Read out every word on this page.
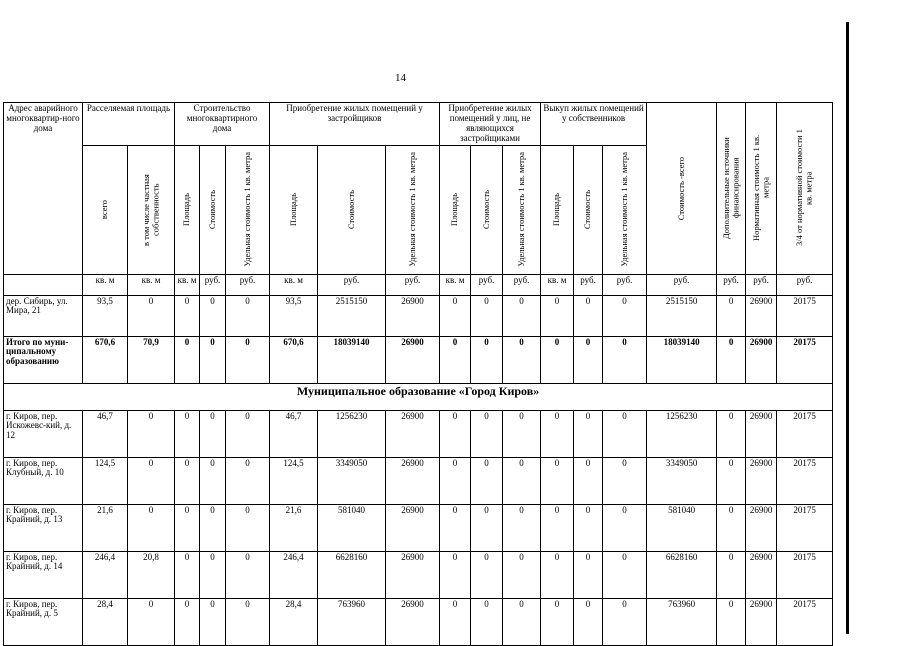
14
Адрес аварийного многоквартир-ного дома	Расселяемая площадь		Строительство многоквартирного дома			Приобретение жилых помещений у застройщиков			Приобретение жилых помещений у лиц, не являющихся застройщиками			Выкуп жилых помещений у собственников			Стоимость -всего	Дополнительные источники финансирования	Нормативная стоимость 1 кв. метра	3/4 от нормативной стоимости 1 кв. метра

	всего	в том числе частная собственность	Площадь	Стоимость	Удельная стоимость 1 кв. метра	Площадь	Стоимость	Удельная стоимость 1 кв. метра	Площадь	Стоимость	Удельная стоимость 1 кв. метра	Площадь	Стоимость	Удельная стоимость 1 кв. метра				

	кв. м	кв. м	кв. м	руб.	руб.	кв. м	руб.	руб.	кв. м	руб.	руб.	кв. м	руб.	руб.	руб.	руб.	руб.	руб.
дер. Сибирь, ул. Мира, 21	93,5	0	0	0	0	93,5	2515150	26900	0	0	0	0	0	0	2515150	0	26900	20175
Итого по муни-ципальному образованию	670,6	70,9	0	0	0	670,6	18039140	26900	0	0	0	0	0	0	18039140	0	26900	20175
Муниципальное образование «Город Киров»																		
г. Киров, пер. Искожевс-кий, д. 12	46,7	0	0	0	0	46,7	1256230	26900	0	0	0	0	0	0	1256230	0	26900	20175
г. Киров, пер. Клубный, д. 10	124,5	0	0	0	0	124,5	3349050	26900	0	0	0	0	0	0	3349050	0	26900	20175
г. Киров, пер. Крайний, д. 13	21,6	0	0	0	0	21,6	581040	26900	0	0	0	0	0	0	581040	0	26900	20175
г. Киров, пер. Крайний, д. 14	246,4	20,8	0	0	0	246,4	6628160	26900	0	0	0	0	0	0	6628160	0	26900	20175
г. Киров, пер. Крайний, д. 5	28,4	0	0	0	0	28,4	763960	26900	0	0	0	0	0	0	763960	0	26900	20175
